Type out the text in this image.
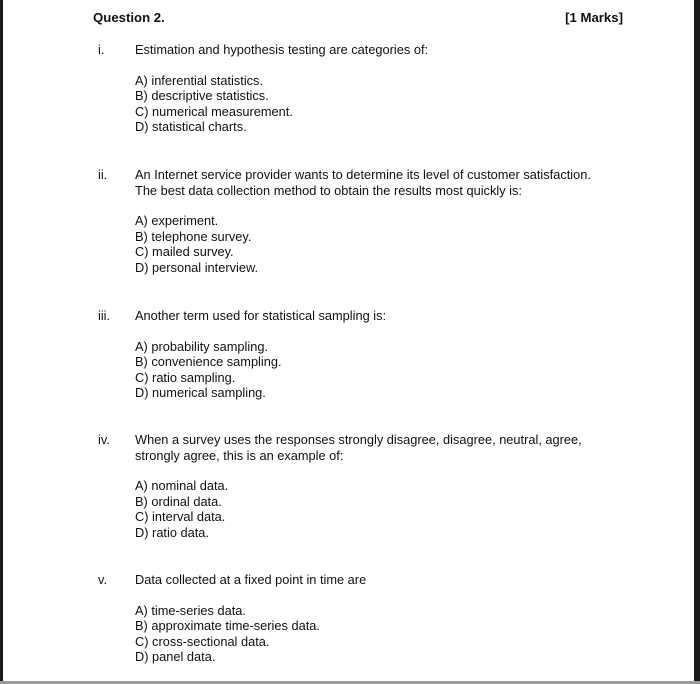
Question 2.	[1 Marks]
i.	Estimation and hypothesis testing are categories of:
A) inferential statistics.
B) descriptive statistics.
C) numerical measurement.
D) statistical charts.
ii.	An Internet service provider wants to determine its level of customer satisfaction. The best data collection method to obtain the results most quickly is:
A) experiment.
B) telephone survey.
C) mailed survey.
D) personal interview.
iii.	Another term used for statistical sampling is:
A) probability sampling.
B) convenience sampling.
C) ratio sampling.
D) numerical sampling.
iv.	When a survey uses the responses strongly disagree, disagree, neutral, agree, strongly agree, this is an example of:
A) nominal data.
B) ordinal data.
C) interval data.
D) ratio data.
v.	Data collected at a fixed point in time are
A) time-series data.
B) approximate time-series data.
C) cross-sectional data.
D) panel data.
